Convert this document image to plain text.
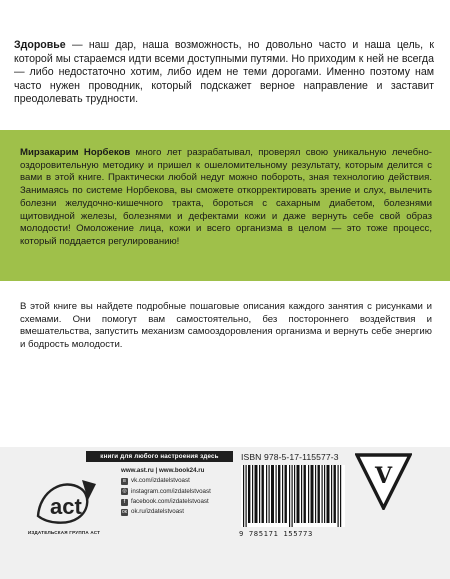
Здоровье — наш дар, наша возможность, но довольно часто и наша цель, к которой мы стараемся идти всеми доступными путями. Но приходим к ней не всегда — либо недостаточно хотим, либо идем не теми дорогами. Именно поэтому нам часто нужен проводник, который подскажет верное направление и заставит преодолевать трудности.
Мирзакарим Норбеков много лет разрабатывал, проверял свою уникальную лечебно-оздоровительную методику и пришел к ошеломительному результату, которым делится с вами в этой книге. Практически любой недуг можно побороть, зная технологию действия. Занимаясь по системе Норбекова, вы сможете откорректировать зрение и слух, вылечить болезни желудочно-кишечного тракта, бороться с сахарным диабетом, болезнями щитовидной железы, болезнями и дефектами кожи и даже вернуть себе свой образ молодости! Омоложение лица, кожи и всего организма в целом — это тоже процесс, который поддается регулированию!
В этой книге вы найдете подробные пошаговые описания каждого занятия с рисунками и схемами. Они помогут вам самостоятельно, без постороннего воздействия и вмешательства, запустить механизм самооздоровления организма и вернуть себе энергию и бодрость молодости.
книги для любого настроения здесь
act
ИЗДАТЕЛЬСКАЯ ГРУППА АСТ
www.ast.ru | www.book24.ru
в vk.com/izdatelstvoast
◎ instagram.com/izdatelstvoast
f facebook.com/izdatelstvoast
ок ok.ru/izdatelstvoast
ISBN 978-5-17-115577-3
9 785171 155773
V
